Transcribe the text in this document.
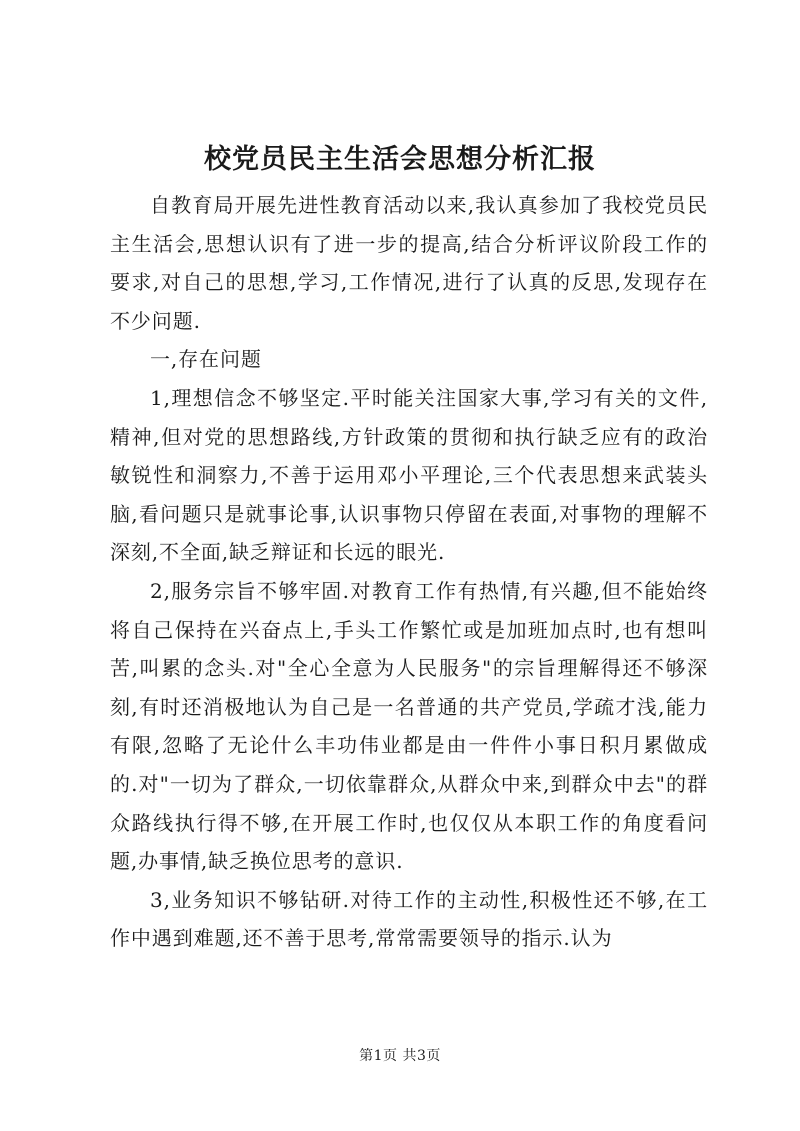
校党员民主生活会思想分析汇报

自教育局开展先进性教育活动以来,我认真参加了我校党员民主生活会,思想认识有了进一步的提高,结合分析评议阶段工作的要求,对自己的思想,学习,工作情况,进行了认真的反思,发现存在不少问题.

一,存在问题

1,理想信念不够坚定.平时能关注国家大事,学习有关的文件,精神,但对党的思想路线,方针政策的贯彻和执行缺乏应有的政治敏锐性和洞察力,不善于运用邓小平理论,三个代表思想来武装头脑,看问题只是就事论事,认识事物只停留在表面,对事物的理解不深刻,不全面,缺乏辩证和长远的眼光.

2,服务宗旨不够牢固.对教育工作有热情,有兴趣,但不能始终将自己保持在兴奋点上,手头工作繁忙或是加班加点时,也有想叫苦,叫累的念头.对"全心全意为人民服务"的宗旨理解得还不够深刻,有时还消极地认为自己是一名普通的共产党员,学疏才浅,能力有限,忽略了无论什么丰功伟业都是由一件件小事日积月累做成的.对"一切为了群众,一切依靠群众,从群众中来,到群众中去"的群众路线执行得不够,在开展工作时,也仅仅从本职工作的角度看问题,办事情,缺乏换位思考的意识.

3,业务知识不够钻研.对待工作的主动性,积极性还不够,在工作中遇到难题,还不善于思考,常常需要领导的指示.认为

第1页 共3页
